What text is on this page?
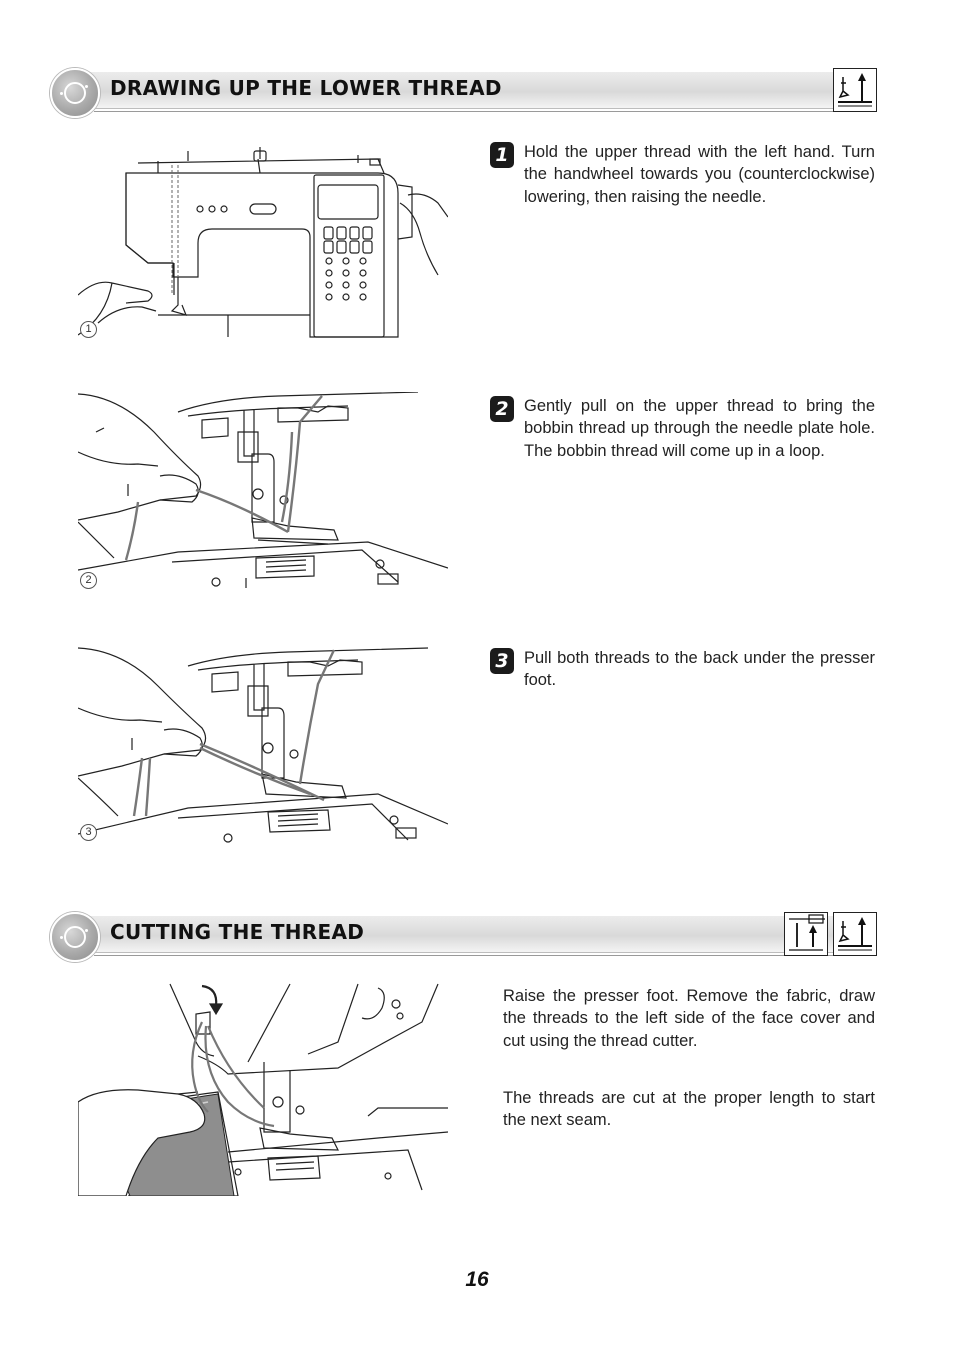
DRAWING UP THE LOWER THREAD
1
1 Hold the upper thread with the left hand. Turn the handwheel towards you (counterclockwise) lowering, then raising the needle.
2
2 Gently pull on the upper thread to bring the bobbin thread up through the needle plate hole. The bobbin thread will come up in a loop.
3
3 Pull both threads to the back under the presser foot.
CUTTING THE THREAD
Raise the presser foot. Remove the fabric, draw the threads to the left side of the face cover and cut using the thread cutter.
The threads are cut at the proper length to start the next seam.
16
